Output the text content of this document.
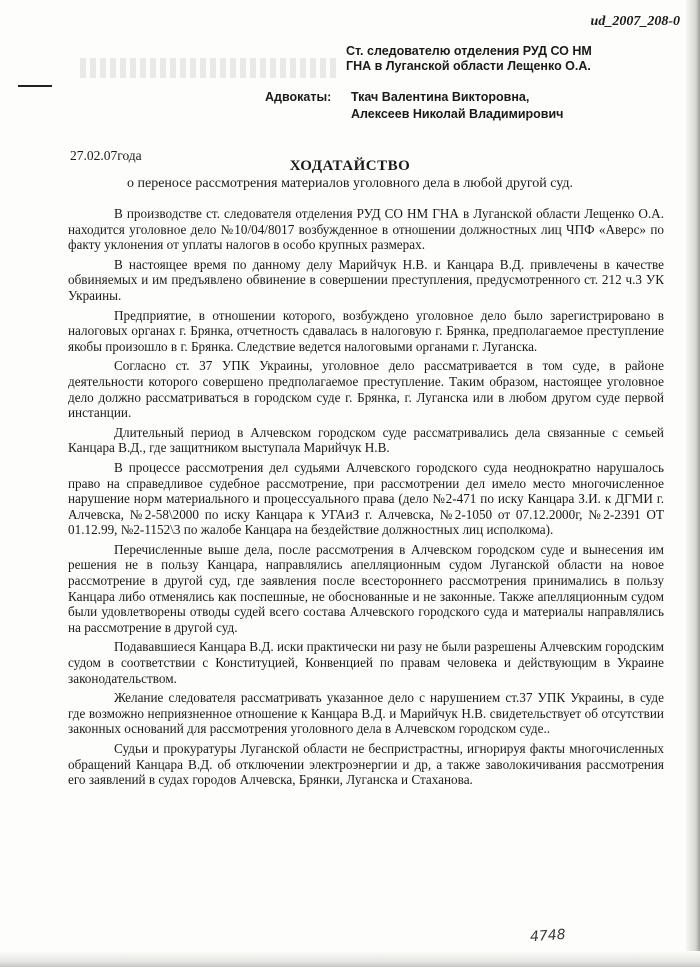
ud_2007_208-0
Ст. следователю отделения РУД СО НМ
ГНА в Луганской области Лещенко О.А.
Адвокаты: Ткач Валентина Викторовна,
Алексеев Николай Владимирович
27.02.07года
ХОДАТАЙСТВО
о переносе рассмотрения материалов уголовного дела в любой другой суд.

В производстве ст. следователя отделения РУД СО НМ ГНА в Луганской области Лещенко О.А. находится уголовное дело №10/04/8017 возбужденное в отношении должностных лиц ЧПФ «Аверс» по факту уклонения от уплаты налогов в особо крупных размерах.

В настоящее время по данному делу Марийчук Н.В. и Канцара В.Д. привлечены в качестве обвиняемых и им предъявлено обвинение в совершении преступления, предусмотренного ст. 212 ч.3 УК Украины.

Предприятие, в отношении которого, возбуждено уголовное дело было зарегистрировано в налоговых органах г. Брянка, отчетность сдавалась в налоговую г. Брянка, предполагаемое преступление якобы произошло в г. Брянка. Следствие ведется налоговыми органами г. Луганска.

Согласно ст. 37 УПК Украины, уголовное дело рассматривается в том суде, в районе деятельности которого совершено предполагаемое преступление. Таким образом, настоящее уголовное дело должно рассматриваться в городском суде г. Брянка, г. Луганска или в любом другом суде первой инстанции.

Длительный период в Алчевском городском суде рассматривались дела связанные с семьей Канцара В.Д., где защитником выступала Марийчук Н.В.

В процессе рассмотрения дел судьями Алчевского городского суда неоднократно нарушалось право на справедливое судебное рассмотрение, при рассмотрении дел имело место многочисленное нарушение норм материального и процессуального права (дело №2-471 по иску Канцара З.И. к ДГМИ г. Алчевска, №2-58\2000 по иску Канцара к УГАиЗ г. Алчевска, №2-1050 от 07.12.2000г, №2-2391 ОТ 01.12.99, №2-1152\3 по жалобе Канцара на бездействие должностных лиц исполкома).

Перечисленные выше дела, после рассмотрения в Алчевском городском суде и вынесения им решения не в пользу Канцара, направлялись апелляционным судом Луганской области на новое рассмотрение в другой суд, где заявления после всестороннего рассмотрения принимались в пользу Канцара либо отменялись как поспешные, не обоснованные и не законные. Также апелляционным судом были удовлетворены отводы судей всего состава Алчевского городского суда и материалы направлялись на рассмотрение в другой суд.

Подававшиеся Канцара В.Д. иски практически ни разу не были разрешены Алчевским городским судом в соответствии с Конституцией, Конвенцией по правам человека и действующим в Украине законодательством.

Желание следователя рассматривать указанное дело с нарушением ст.37 УПК Украины, в суде где возможно неприязненное отношение к Канцара В.Д. и Марийчук Н.В. свидетельствует об отсутствии законных оснований для рассмотрения уголовного дела в Алчевском городском суде..

Судьи и прокуратуры Луганской области не беспристрастны, игнорируя факты многочисленных обращений Канцара В.Д. об отключении электроэнергии и др, а также заволокичивания рассмотрения его заявлений в судах городов Алчевска, Брянки, Луганска и Стаханова.

4748
